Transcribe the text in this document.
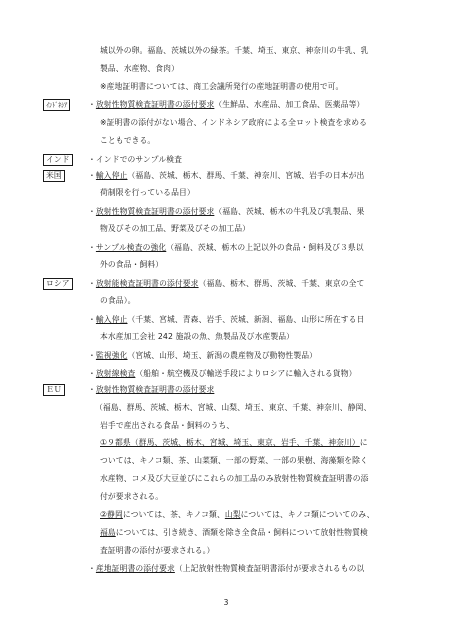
城以外の卵。福島、茨城以外の緑茶。千葉、埼玉、東京、神奈川の牛乳、乳
製品、水産物、食肉）
※産地証明書については、商工会議所発行の産地証明書の使用で可。
ｲﾝﾄﾞﾈｼｱ	・放射性物質検査証明書の添付要求（生鮮品、水産品、加工食品、医薬品等）
※証明書の添付がない場合、インドネシア政府による全ロット検査を求める
こともできる。
インド	・インドでのサンプル検査
米国	・輸入停止（福島、茨城、栃木、群馬、千葉、神奈川、宮城、岩手の日本が出
荷制限を行っている品目）
・放射性物質検査証明書の添付要求（福島、茨城、栃木の牛乳及び乳製品、果
物及びその加工品、野菜及びその加工品）
・サンプル検査の強化（福島、茨城、栃木の上記以外の食品・飼料及び３県以
外の食品・飼料）
ロシア	・放射能検査証明書の添付要求（福島、栃木、群馬、茨城、千葉、東京の全て
の食品）。
・輸入停止（千葉、宮城、青森、岩手、茨城、新潟、福島、山形に所在する日
本水産加工会社 242 施設の魚、魚製品及び水産製品）
・監視強化（宮城、山形、埼玉、新潟の農産物及び動物性製品）
・放射線検査（船舶・航空機及び輸送手段によりロシアに輸入される貨物）
ＥＵ	・放射性物質検査証明書の添付要求
（福島、群馬、茨城、栃木、宮城、山梨、埼玉、東京、千葉、神奈川、静岡、
岩手で産出される食品・飼料のうち、
①９都県（群馬、茨城、栃木、宮城、埼玉、東京、岩手、千葉、神奈川）に
ついては、キノコ類、茶、山菜類、一部の野菜、一部の果樹、海藻類を除く
水産物、コメ及び大豆並びにこれらの加工品のみ放射性物質検査証明書の添
付が要求される。
②静岡については、茶、キノコ類、山梨については、キノコ類についてのみ、
福島については、引き続き、酒類を除き全食品・飼料について放射性物質検
査証明書の添付が要求される。）
・産地証明書の添付要求（上記放射性物質検査証明書添付が要求されるもの以
3
